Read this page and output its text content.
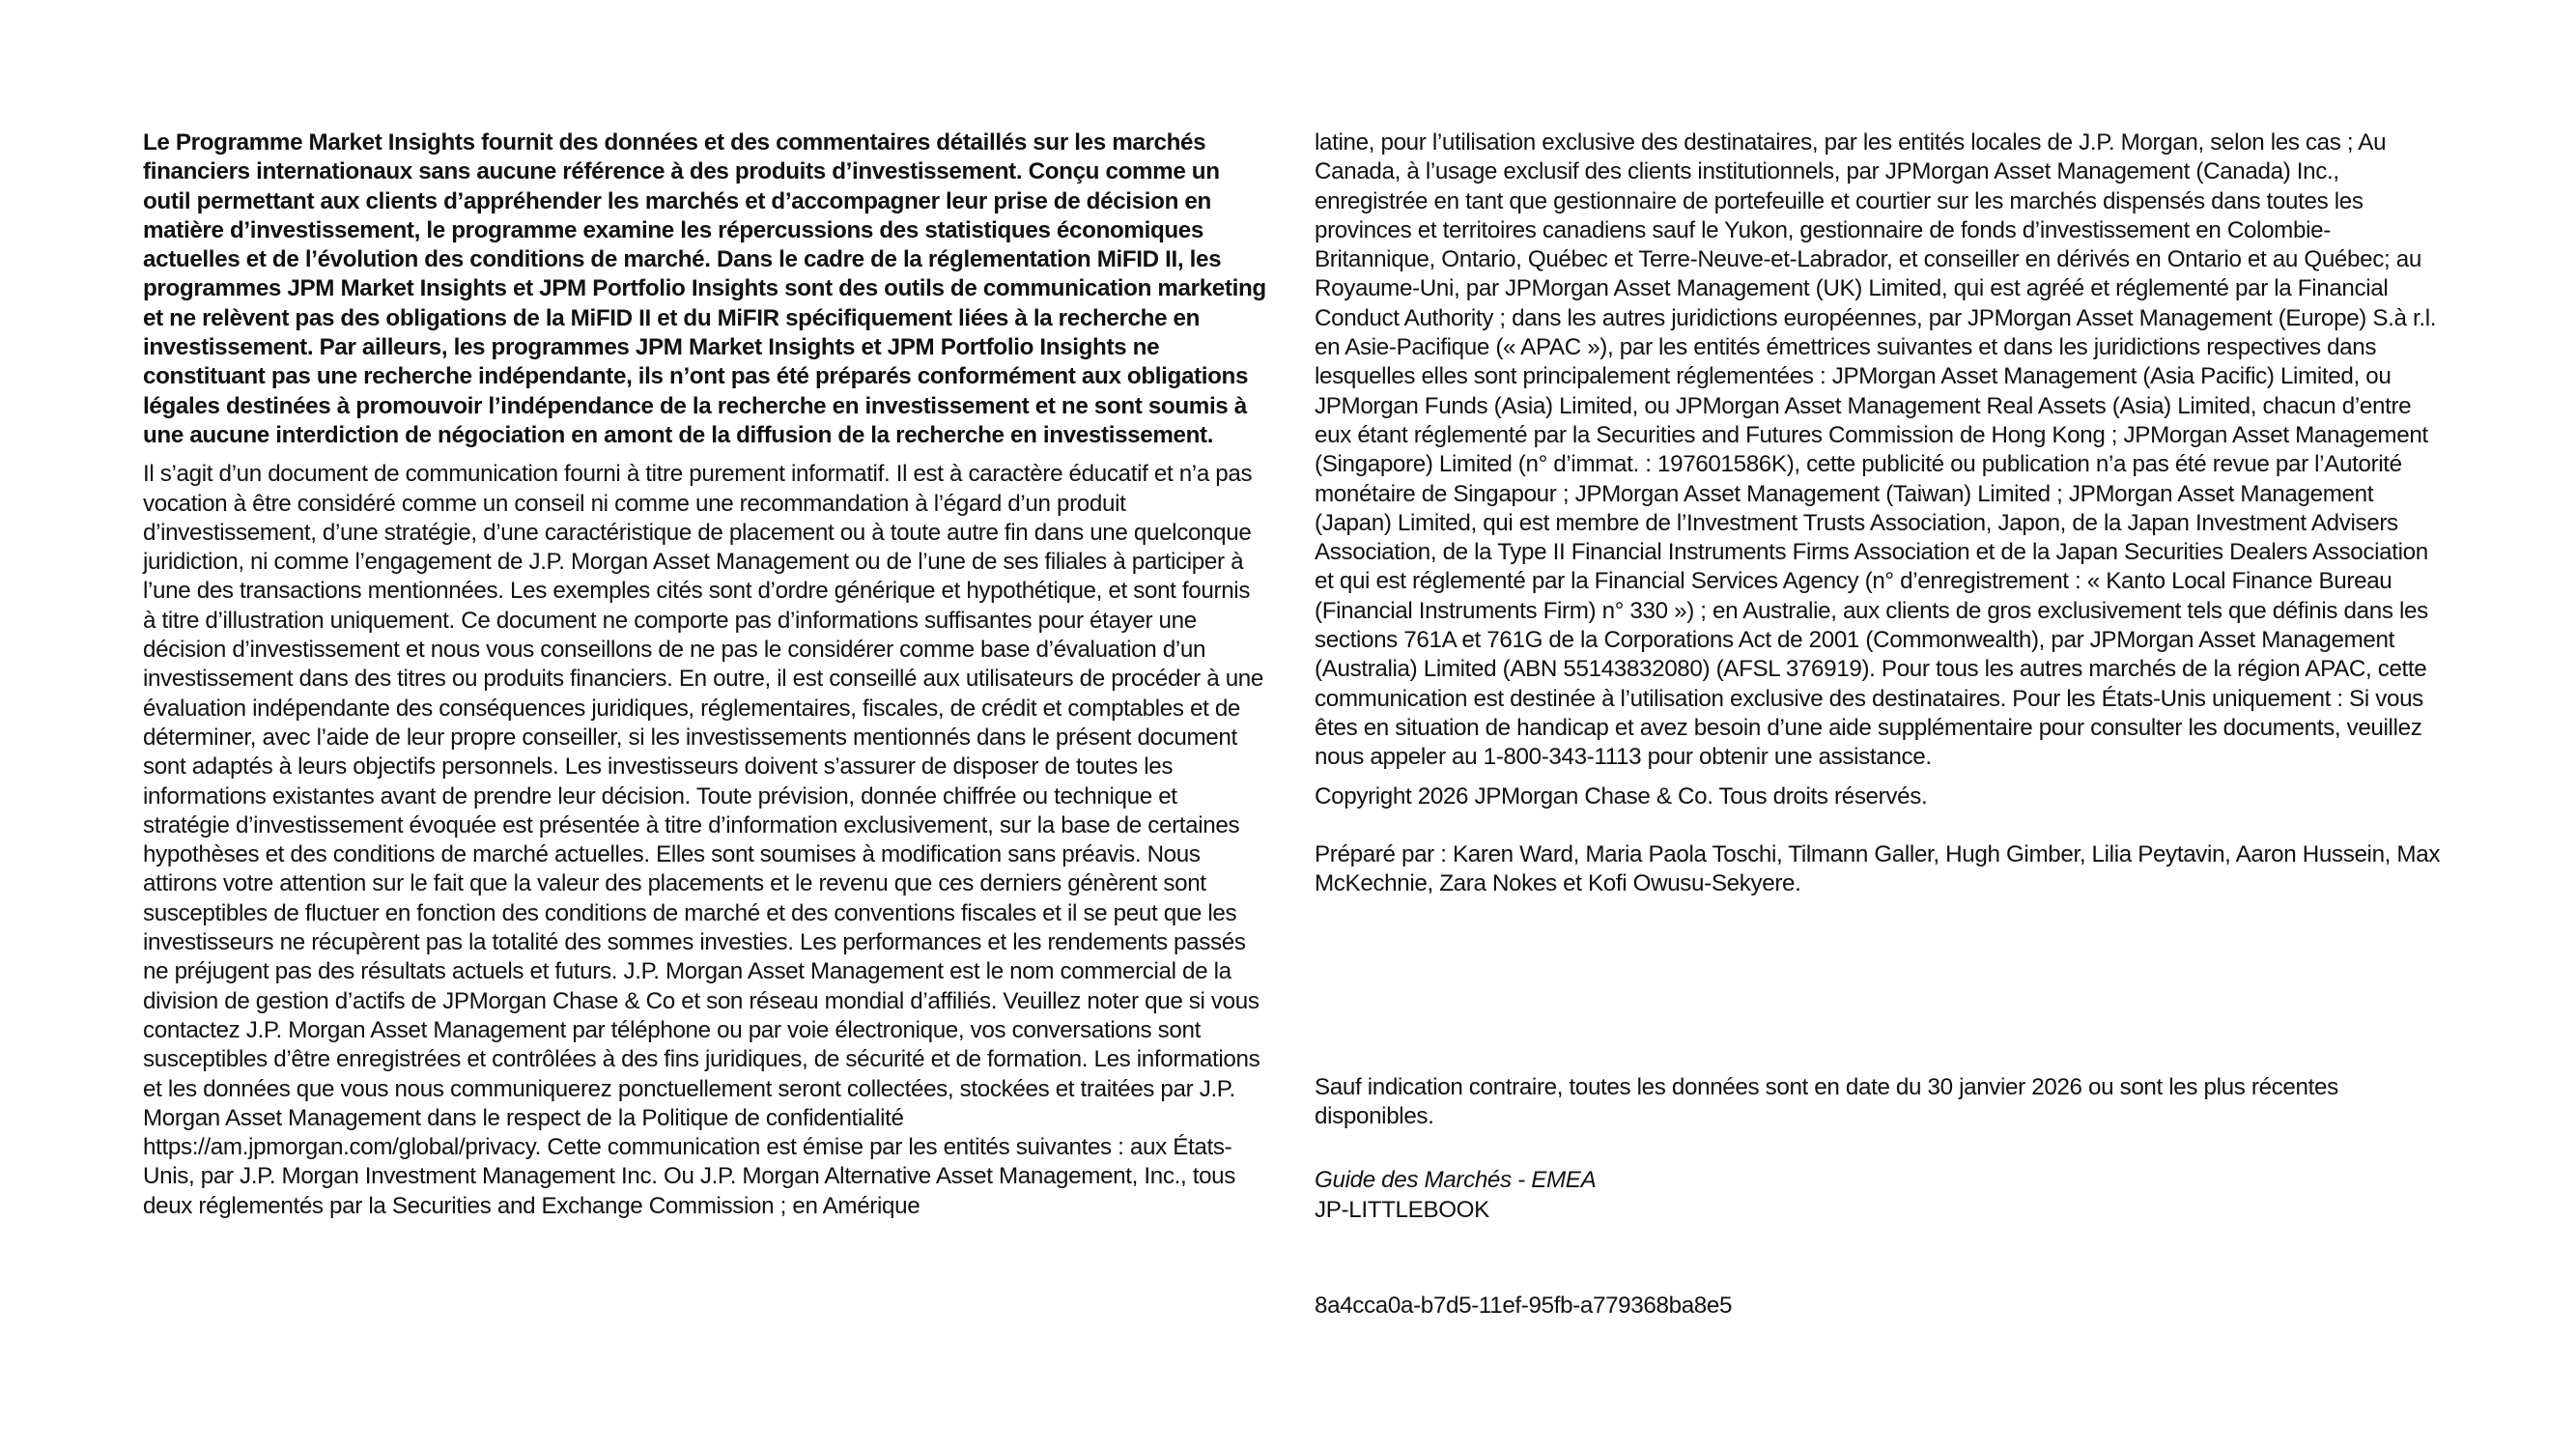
Le Programme Market Insights fournit des données et des commentaires détaillés sur les marchés financiers internationaux sans aucune référence à des produits d’investissement. Conçu comme un outil permettant aux clients d’appréhender les marchés et d’accompagner leur prise de décision en matière d’investissement, le programme examine les répercussions des statistiques économiques actuelles et de l’évolution des conditions de marché. Dans le cadre de la réglementation MiFID II, les programmes JPM Market Insights et JPM Portfolio Insights sont des outils de communication marketing et ne relèvent pas des obligations de la MiFID II et du MiFIR spécifiquement liées à la recherche en investissement. Par ailleurs, les programmes JPM Market Insights et JPM Portfolio Insights ne constituant pas une recherche indépendante, ils n’ont pas été préparés conformément aux obligations légales destinées à promouvoir l’indépendance de la recherche en investissement et ne sont soumis à une aucune interdiction de négociation en amont de la diffusion de la recherche en investissement.

Il s’agit d’un document de communication fourni à titre purement informatif. Il est à caractère éducatif et n’a pas vocation à être considéré comme un conseil ni comme une recommandation à l’égard d’un produit d’investissement, d’une stratégie, d’une caractéristique de placement ou à toute autre fin dans une quelconque juridiction, ni comme l’engagement de J.P. Morgan Asset Management ou de l’une de ses filiales à participer à l’une des transactions mentionnées. Les exemples cités sont d’ordre générique et hypothétique, et sont fournis à titre d’illustration uniquement. Ce document ne comporte pas d’informations suffisantes pour étayer une décision d’investissement et nous vous conseillons de ne pas le considérer comme base d’évaluation d’un investissement dans des titres ou produits financiers. En outre, il est conseillé aux utilisateurs de procéder à une évaluation indépendante des conséquences juridiques, réglementaires, fiscales, de crédit et comptables et de déterminer, avec l’aide de leur propre conseiller, si les investissements mentionnés dans le présent document sont adaptés à leurs objectifs personnels. Les investisseurs doivent s’assurer de disposer de toutes les informations existantes avant de prendre leur décision. Toute prévision, donnée chiffrée ou technique et stratégie d’investissement évoquée est présentée à titre d’information exclusivement, sur la base de certaines hypothèses et des conditions de marché actuelles. Elles sont soumises à modification sans préavis. Nous attirons votre attention sur le fait que la valeur des placements et le revenu que ces derniers génèrent sont susceptibles de fluctuer en fonction des conditions de marché et des conventions fiscales et il se peut que les investisseurs ne récupèrent pas la totalité des sommes investies. Les performances et les rendements passés ne préjugent pas des résultats actuels et futurs. J.P. Morgan Asset Management est le nom commercial de la division de gestion d’actifs de JPMorgan Chase & Co et son réseau mondial d’affiliés. Veuillez noter que si vous contactez J.P. Morgan Asset Management par téléphone ou par voie électronique, vos conversations sont susceptibles d’être enregistrées et contrôlées à des fins juridiques, de sécurité et de formation. Les informations et les données que vous nous communiquerez ponctuellement seront collectées, stockées et traitées par J.P. Morgan Asset Management dans le respect de la Politique de confidentialité https://am.jpmorgan.com/global/privacy. Cette communication est émise par les entités suivantes : aux États-Unis, par J.P. Morgan Investment Management Inc. Ou J.P. Morgan Alternative Asset Management, Inc., tous deux réglementés par la Securities and Exchange Commission ; en Amérique

latine, pour l’utilisation exclusive des destinataires, par les entités locales de J.P. Morgan, selon les cas ; Au Canada, à l’usage exclusif des clients institutionnels, par JPMorgan Asset Management (Canada) Inc., enregistrée en tant que gestionnaire de portefeuille et courtier sur les marchés dispensés dans toutes les provinces et territoires canadiens sauf le Yukon, gestionnaire de fonds d’investissement en Colombie-Britannique, Ontario, Québec et Terre-Neuve-et-Labrador, et conseiller en dérivés en Ontario et au Québec; au Royaume-Uni, par JPMorgan Asset Management (UK) Limited, qui est agréé et réglementé par la Financial Conduct Authority ; dans les autres juridictions européennes, par JPMorgan Asset Management (Europe) S.à r.l. en Asie-Pacifique (« APAC »), par les entités émettrices suivantes et dans les juridictions respectives dans lesquelles elles sont principalement réglementées : JPMorgan Asset Management (Asia Pacific) Limited, ou JPMorgan Funds (Asia) Limited, ou JPMorgan Asset Management Real Assets (Asia) Limited, chacun d’entre eux étant réglementé par la Securities and Futures Commission de Hong Kong ; JPMorgan Asset Management (Singapore) Limited (n° d’immat. : 197601586K), cette publicité ou publication n’a pas été revue par l’Autorité monétaire de Singapour ; JPMorgan Asset Management (Taiwan) Limited ; JPMorgan Asset Management (Japan) Limited, qui est membre de l’Investment Trusts Association, Japon, de la Japan Investment Advisers Association, de la Type II Financial Instruments Firms Association et de la Japan Securities Dealers Association et qui est réglementé par la Financial Services Agency (n° d’enregistrement : « Kanto Local Finance Bureau (Financial Instruments Firm) n° 330 ») ; en Australie, aux clients de gros exclusivement tels que définis dans les sections 761A et 761G de la Corporations Act de 2001 (Commonwealth), par JPMorgan Asset Management (Australia) Limited (ABN 55143832080) (AFSL 376919). Pour tous les autres marchés de la région APAC, cette communication est destinée à l’utilisation exclusive des destinataires. Pour les États-Unis uniquement : Si vous êtes en situation de handicap et avez besoin d’une aide supplémentaire pour consulter les documents, veuillez nous appeler au 1-800-343-1113 pour obtenir une assistance.

Copyright 2026 JPMorgan Chase & Co. Tous droits réservés.

Préparé par : Karen Ward, Maria Paola Toschi, Tilmann Galler, Hugh Gimber, Lilia Peytavin, Aaron Hussein, Max McKechnie, Zara Nokes et Kofi Owusu-Sekyere.

Sauf indication contraire, toutes les données sont en date du 30 janvier 2026 ou sont les plus récentes disponibles.

Guide des Marchés - EMEA

JP-LITTLEBOOK

8a4cca0a-b7d5-11ef-95fb-a779368ba8e5
